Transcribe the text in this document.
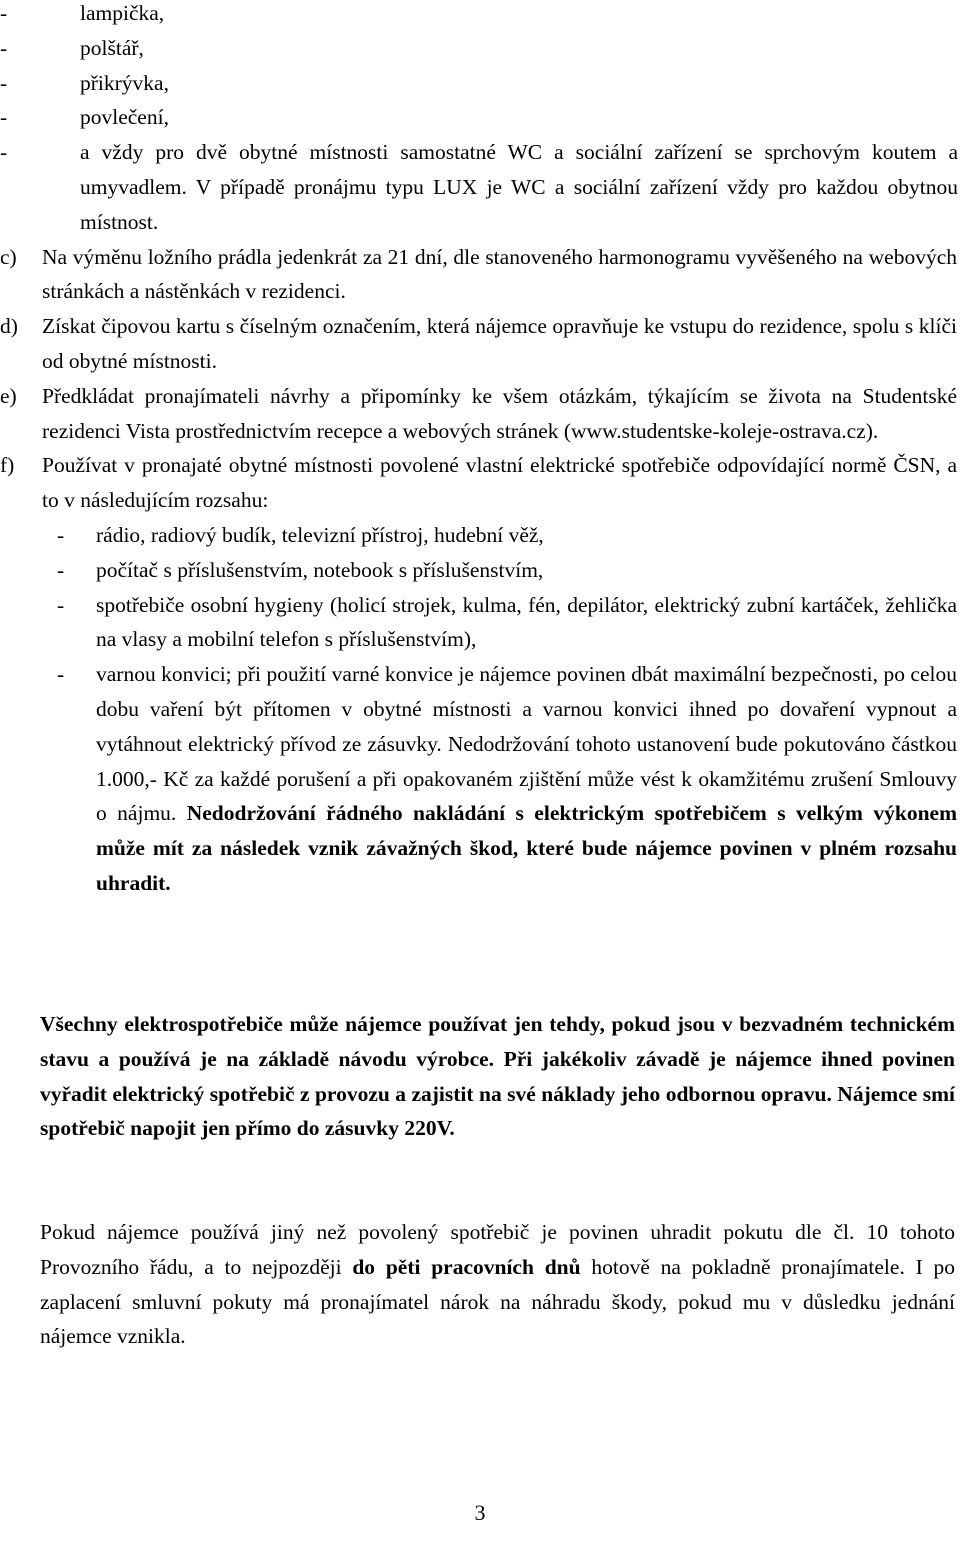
-	lampička,
-	polštář,
-	přikrývka,
-	povlečení,
-	a vždy pro dvě obytné místnosti samostatné WC a sociální zařízení se sprchovým koutem a umyvadlem. V případě pronájmu typu LUX je WC a sociální zařízení vždy pro každou obytnou místnost.
c) Na výměnu ložního prádla jedenkrát za 21 dní, dle stanoveného harmonogramu vyvěšeného na webových stránkách a nástěnkách v rezidenci.
d) Získat čipovou kartu s číselným označením, která nájemce opravňuje ke vstupu do rezidence, spolu s klíči od obytné místnosti.
e) Předkládat pronajímateli návrhy a připomínky ke všem otázkám, týkajícím se života na Studentské rezidenci Vista prostřednictvím recepce a webových stránek (www.studentske-koleje-ostrava.cz).
f) Používat v pronajaté obytné místnosti povolené vlastní elektrické spotřebiče odpovídající normě ČSN, a to v následujícím rozsahu:
- rádio, radiový budík, televizní přístroj, hudební věž,
- počítač s příslušenstvím, notebook s příslušenstvím,
- spotřebiče osobní hygieny (holicí strojek, kulma, fén, depilátor, elektrický zubní kartáček, žehlička na vlasy a mobilní telefon s příslušenstvím),
- varnou konvici; při použití varné konvice je nájemce povinen dbát maximální bezpečnosti, po celou dobu vaření být přítomen v obytné místnosti a varnou konvici ihned po dovaření vypnout a vytáhnout elektrický přívod ze zásuvky. Nedodržování tohoto ustanovení bude pokutováno částkou 1.000,- Kč za každé porušení a při opakovaném zjištění může vést k okamžitému zrušení Smlouvy o nájmu. Nedodržování řádného nakládání s elektrickým spotřebičem s velkým výkonem může mít za následek vznik závažných škod, které bude nájemce povinen v plném rozsahu uhradit.

Všechny elektrospotřebiče může nájemce používat jen tehdy, pokud jsou v bezvadném technickém stavu a používá je na základě návodu výrobce. Při jakékoliv závadě je nájemce ihned povinen vyřadit elektrický spotřebič z provozu a zajistit na své náklady jeho odbornou opravu. Nájemce smí spotřebič napojit jen přímo do zásuvky 220V.

Pokud nájemce používá jiný než povolený spotřebič je povinen uhradit pokutu dle čl. 10 tohoto Provozního řádu, a to nejpozději do pěti pracovních dnů hotově na pokladně pronajímatele. I po zaplacení smluvní pokuty má pronajímatel nárok na náhradu škody, pokud mu v důsledku jednání nájemce vznikla.

3
